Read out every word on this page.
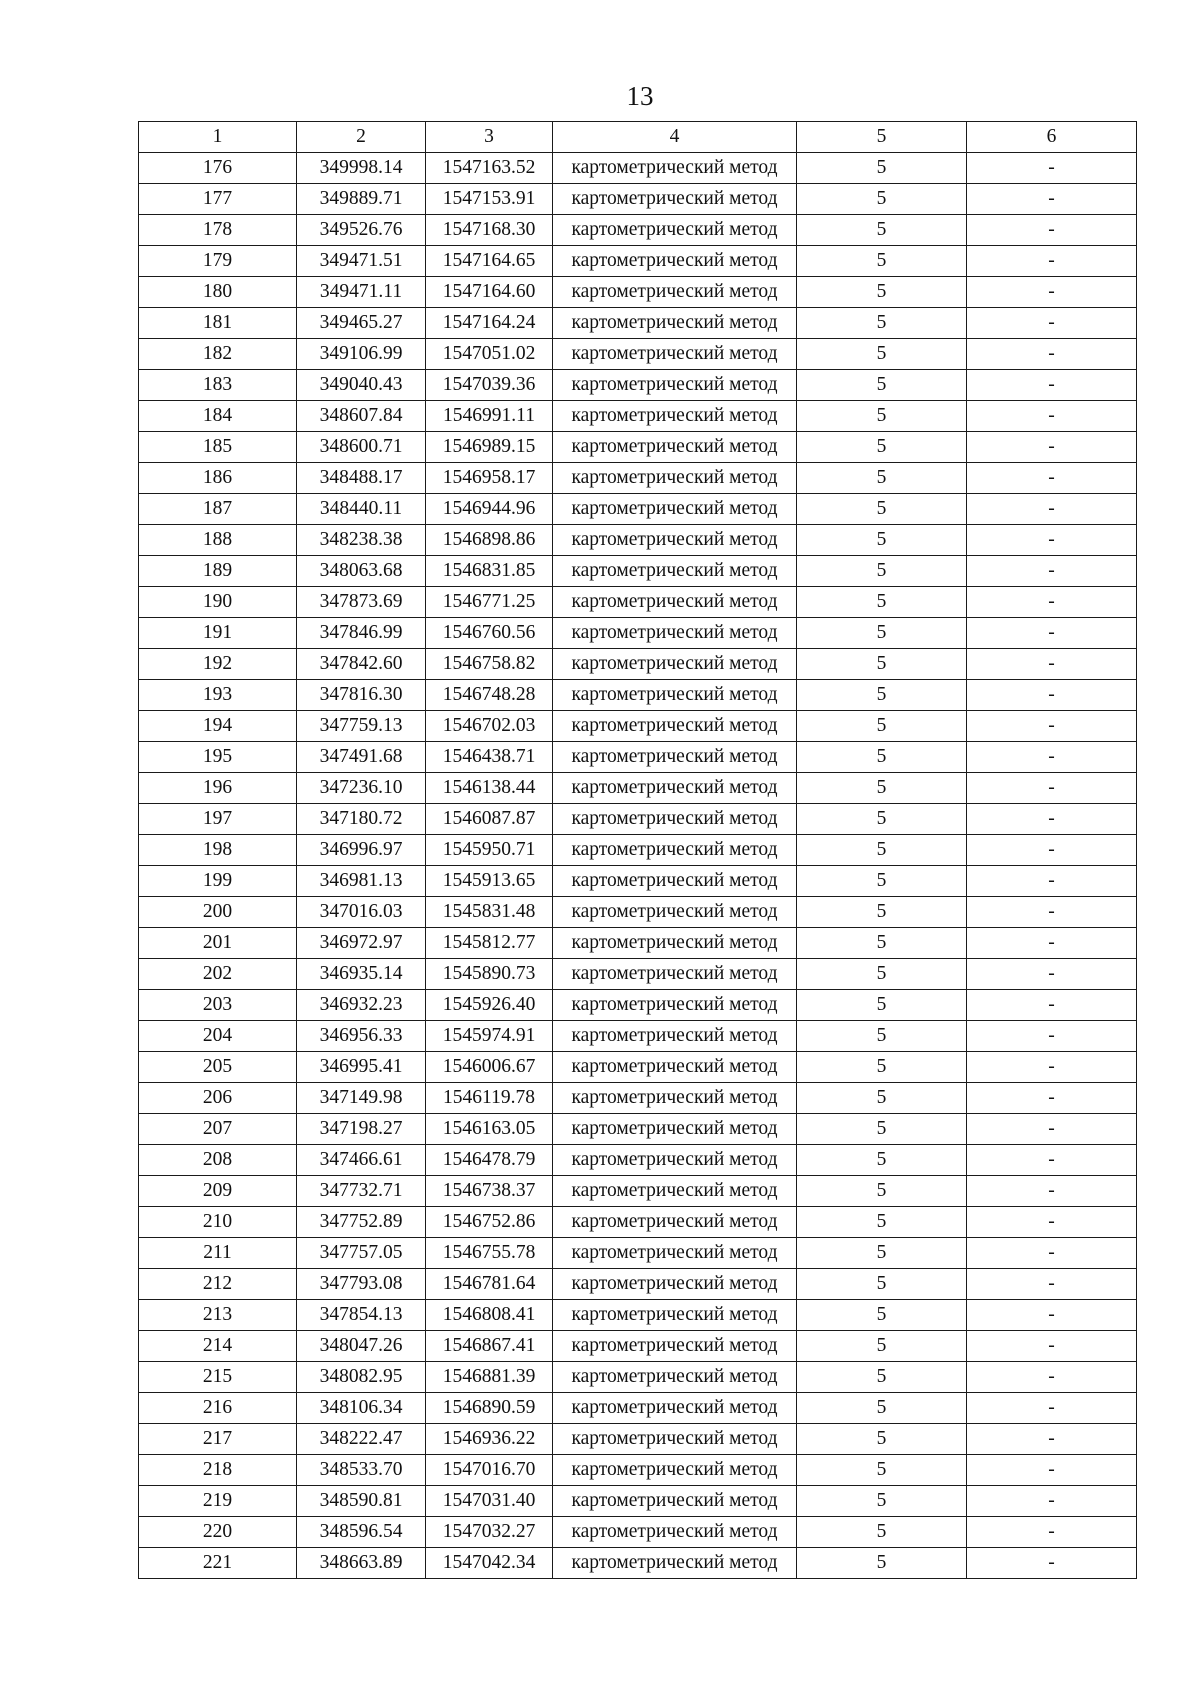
13
1	2	3	4	5	6
176	349998.14	1547163.52	картометрический метод	5	-
177	349889.71	1547153.91	картометрический метод	5	-
178	349526.76	1547168.30	картометрический метод	5	-
179	349471.51	1547164.65	картометрический метод	5	-
180	349471.11	1547164.60	картометрический метод	5	-
181	349465.27	1547164.24	картометрический метод	5	-
182	349106.99	1547051.02	картометрический метод	5	-
183	349040.43	1547039.36	картометрический метод	5	-
184	348607.84	1546991.11	картометрический метод	5	-
185	348600.71	1546989.15	картометрический метод	5	-
186	348488.17	1546958.17	картометрический метод	5	-
187	348440.11	1546944.96	картометрический метод	5	-
188	348238.38	1546898.86	картометрический метод	5	-
189	348063.68	1546831.85	картометрический метод	5	-
190	347873.69	1546771.25	картометрический метод	5	-
191	347846.99	1546760.56	картометрический метод	5	-
192	347842.60	1546758.82	картометрический метод	5	-
193	347816.30	1546748.28	картометрический метод	5	-
194	347759.13	1546702.03	картометрический метод	5	-
195	347491.68	1546438.71	картометрический метод	5	-
196	347236.10	1546138.44	картометрический метод	5	-
197	347180.72	1546087.87	картометрический метод	5	-
198	346996.97	1545950.71	картометрический метод	5	-
199	346981.13	1545913.65	картометрический метод	5	-
200	347016.03	1545831.48	картометрический метод	5	-
201	346972.97	1545812.77	картометрический метод	5	-
202	346935.14	1545890.73	картометрический метод	5	-
203	346932.23	1545926.40	картометрический метод	5	-
204	346956.33	1545974.91	картометрический метод	5	-
205	346995.41	1546006.67	картометрический метод	5	-
206	347149.98	1546119.78	картометрический метод	5	-
207	347198.27	1546163.05	картометрический метод	5	-
208	347466.61	1546478.79	картометрический метод	5	-
209	347732.71	1546738.37	картометрический метод	5	-
210	347752.89	1546752.86	картометрический метод	5	-
211	347757.05	1546755.78	картометрический метод	5	-
212	347793.08	1546781.64	картометрический метод	5	-
213	347854.13	1546808.41	картометрический метод	5	-
214	348047.26	1546867.41	картометрический метод	5	-
215	348082.95	1546881.39	картометрический метод	5	-
216	348106.34	1546890.59	картометрический метод	5	-
217	348222.47	1546936.22	картометрический метод	5	-
218	348533.70	1547016.70	картометрический метод	5	-
219	348590.81	1547031.40	картометрический метод	5	-
220	348596.54	1547032.27	картометрический метод	5	-
221	348663.89	1547042.34	картометрический метод	5	-
